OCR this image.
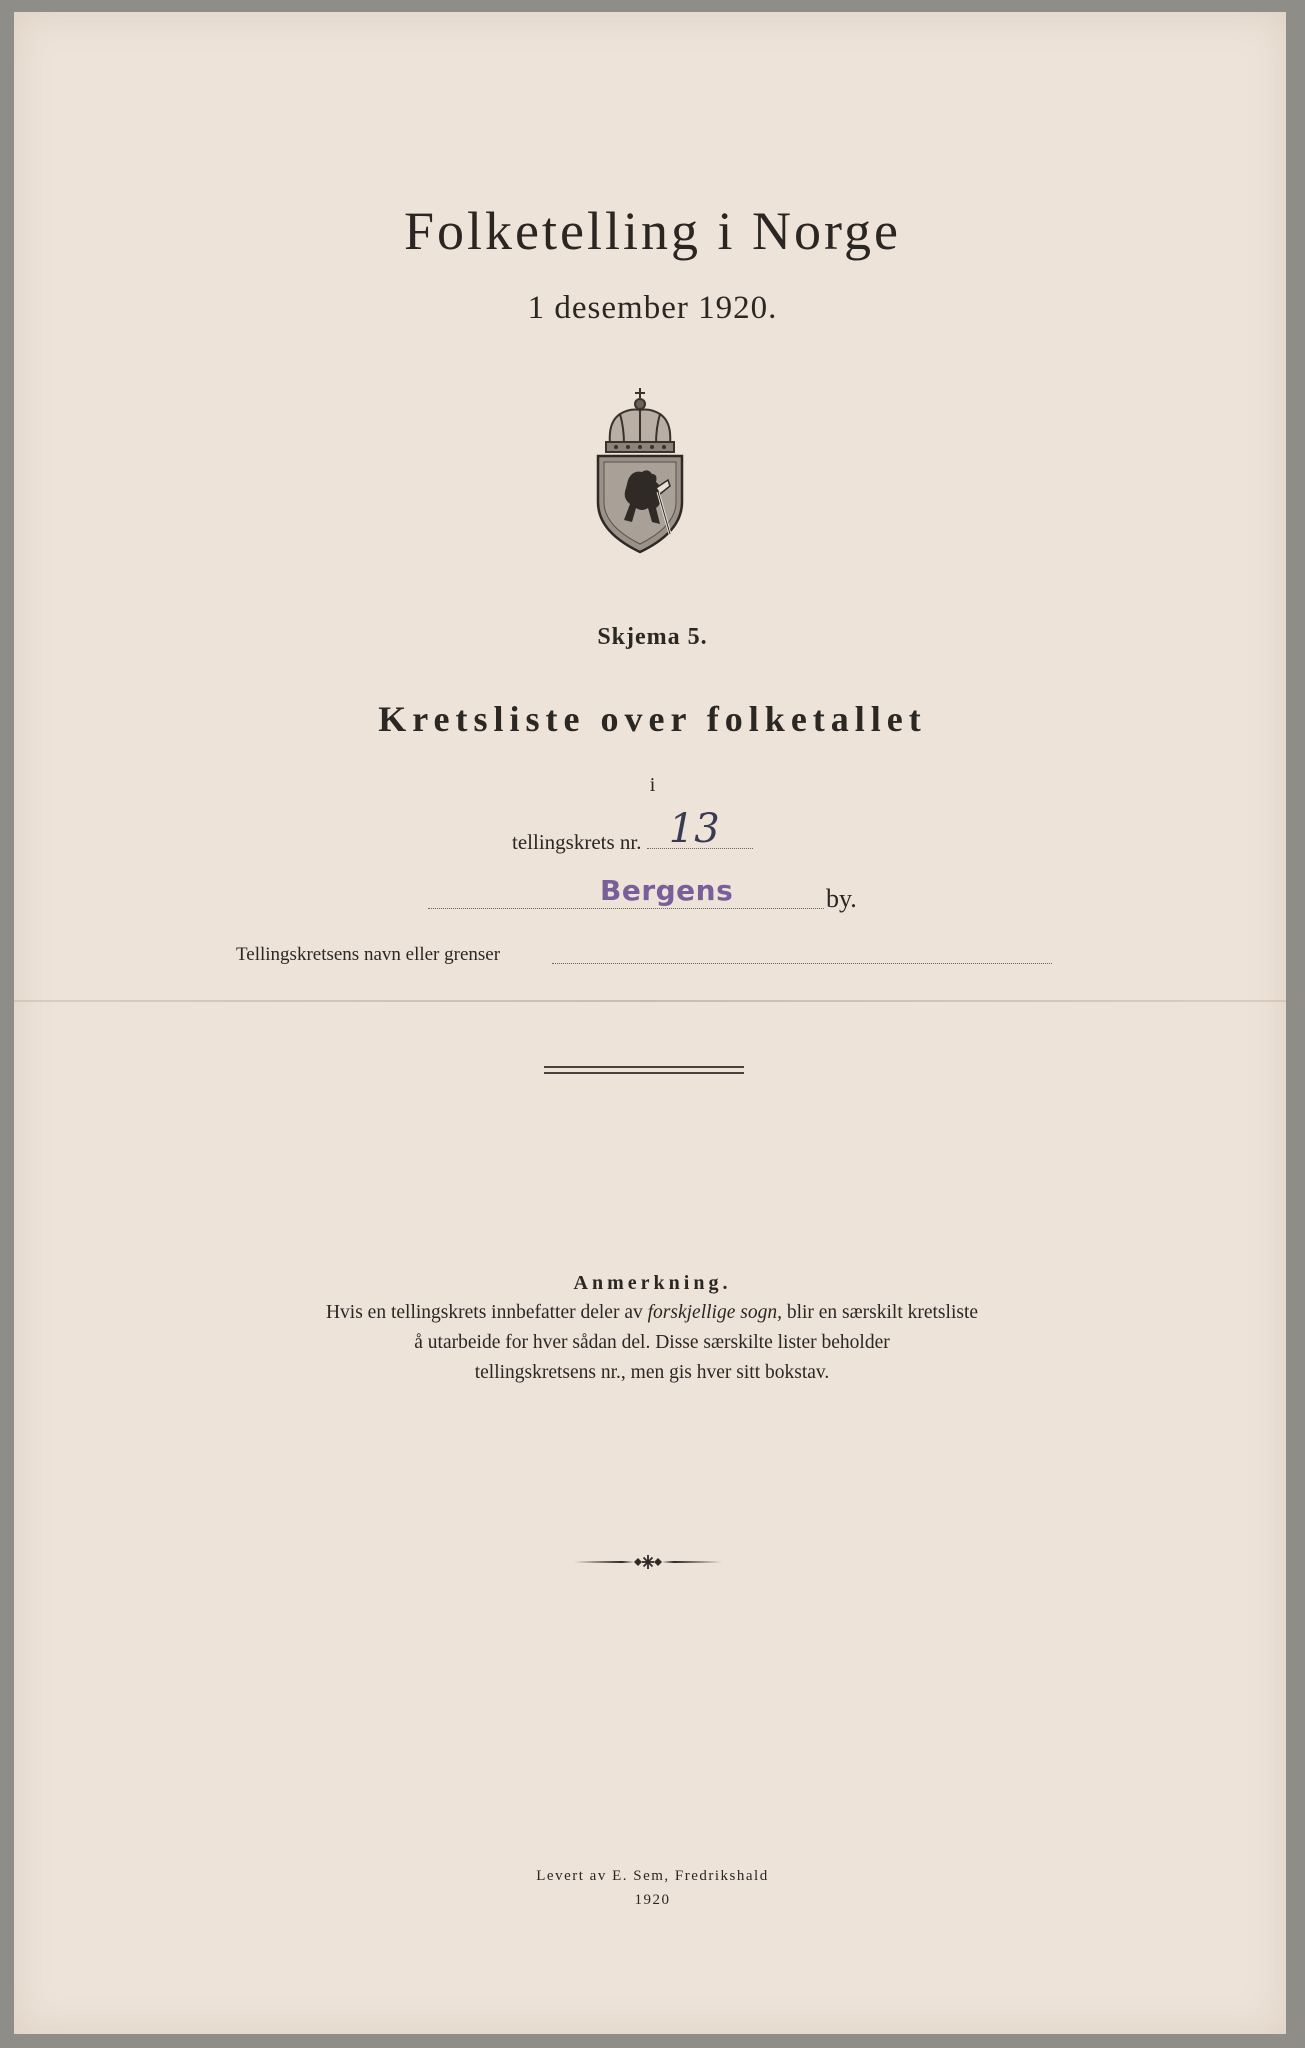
Folketelling i Norge
1 desember 1920.
Skjema 5.
Kretsliste over folketallet
i
tellingskrets nr. 13
Bergens	by.
Tellingskretsens navn eller grenser
Anmerkning.
Hvis en tellingskrets innbefatter deler av forskjellige sogn, blir en særskilt kretsliste
å utarbeide for hver sådan del. Disse særskilte lister beholder
tellingskretsens nr., men gis hver sitt bokstav.
Levert av E. Sem, Fredrikshald
1920
